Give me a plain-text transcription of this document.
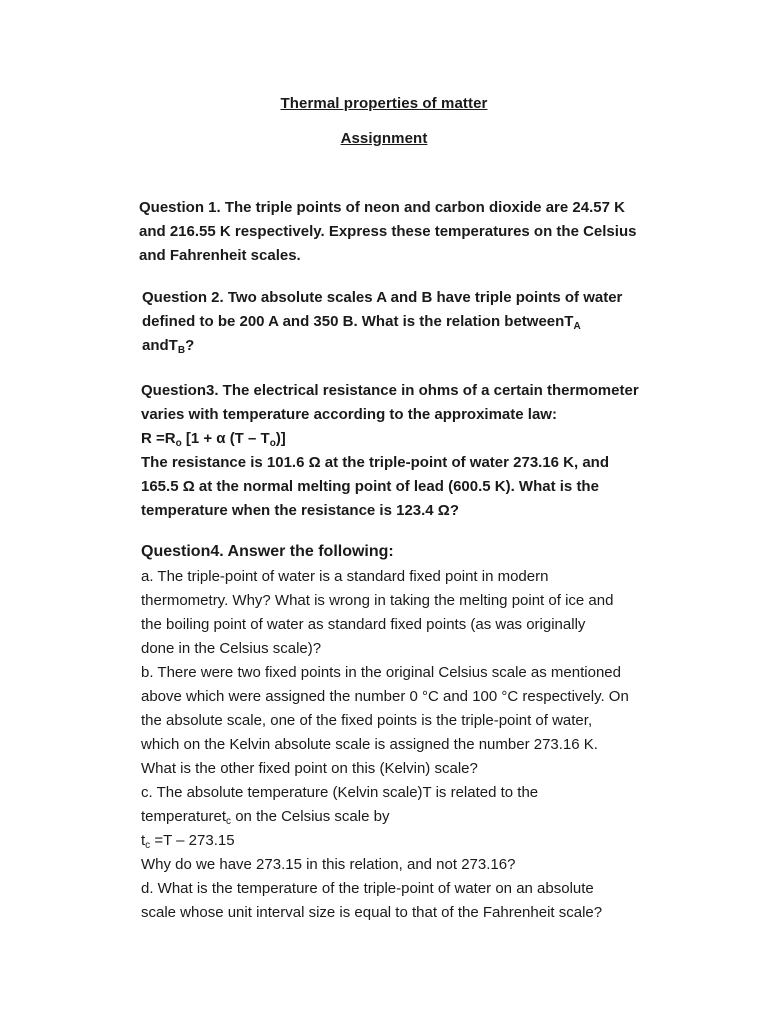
Thermal properties of matter
Assignment
Question 1. The triple points of neon and carbon dioxide are 24.57 K
and 216.55 K respectively. Express these temperatures on the Celsius
and Fahrenheit scales.
Question 2. Two absolute scales A and B have triple points of water
defined to be 200 A and 350 B. What is the relation betweenT$_A$
andT$_B$?
Question3. The electrical resistance in ohms of a certain thermometer
varies with temperature according to the approximate law:
$R =R_o$ [1 + α $(T - T_o)$]
The resistance is 101.6 Ω at the triple-point of water 273.16 K, and
165.5 Ω at the normal melting point of lead (600.5 K). What is the
temperature when the resistance is 123.4 Ω?
Question4. Answer the following:
a. The triple-point of water is a standard fixed point in modern
thermometry. Why? What is wrong in taking the melting point of ice and
the boiling point of water as standard fixed points (as was originally
done in the Celsius scale)?
b. There were two fixed points in the original Celsius scale as mentioned
above which were assigned the number 0 °C and 100 °C respectively. On
the absolute scale, one of the fixed points is the triple-point of water,
which on the Kelvin absolute scale is assigned the number 273.16 K.
What is the other fixed point on this (Kelvin) scale?
c. The absolute temperature (Kelvin scale)T is related to the
temperaturet$_c$ on the Celsius scale by
$t_c =T - 273.15$
Why do we have 273.15 in this relation, and not 273.16?
d. What is the temperature of the triple-point of water on an absolute
scale whose unit interval size is equal to that of the Fahrenheit scale?
